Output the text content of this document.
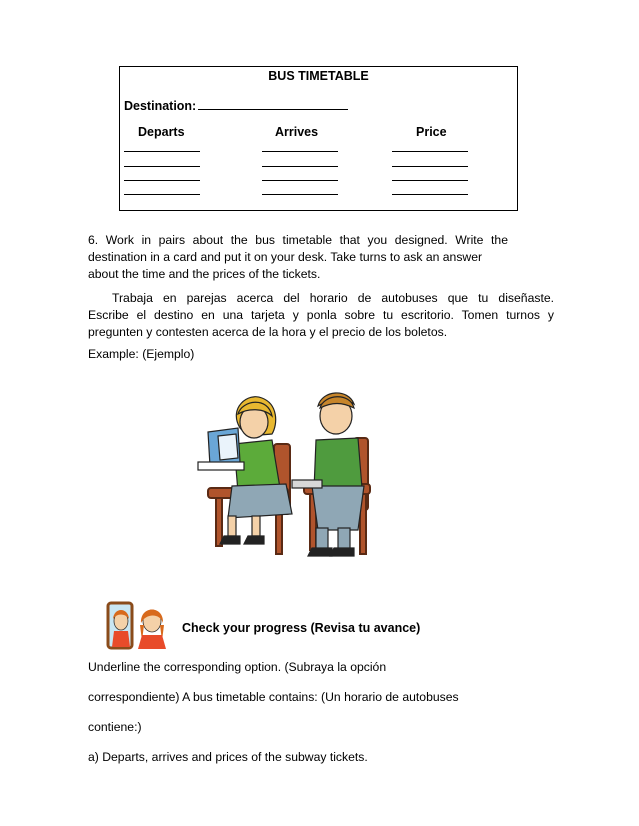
BUS TIMETABLE
Destination:
Departs	Arrives	Price
6. Work in pairs about the bus timetable that you designed. Write the
destination in a card and put it on your desk. Take turns to ask an answer
about the time and the prices of the tickets.
Trabaja en parejas acerca del horario de autobuses que tu diseñaste.
Escribe el destino en una tarjeta y ponla sobre tu escritorio. Tomen turnos y
pregunten y contesten acerca de la hora y el precio de los boletos.
Example: (Ejemplo)
Check your progress (Revisa tu avance)
Underline the corresponding option. (Subraya la opción
correspondiente) A bus timetable contains: (Un horario de autobuses
contiene:)
a) Departs, arrives and prices of the subway tickets.
